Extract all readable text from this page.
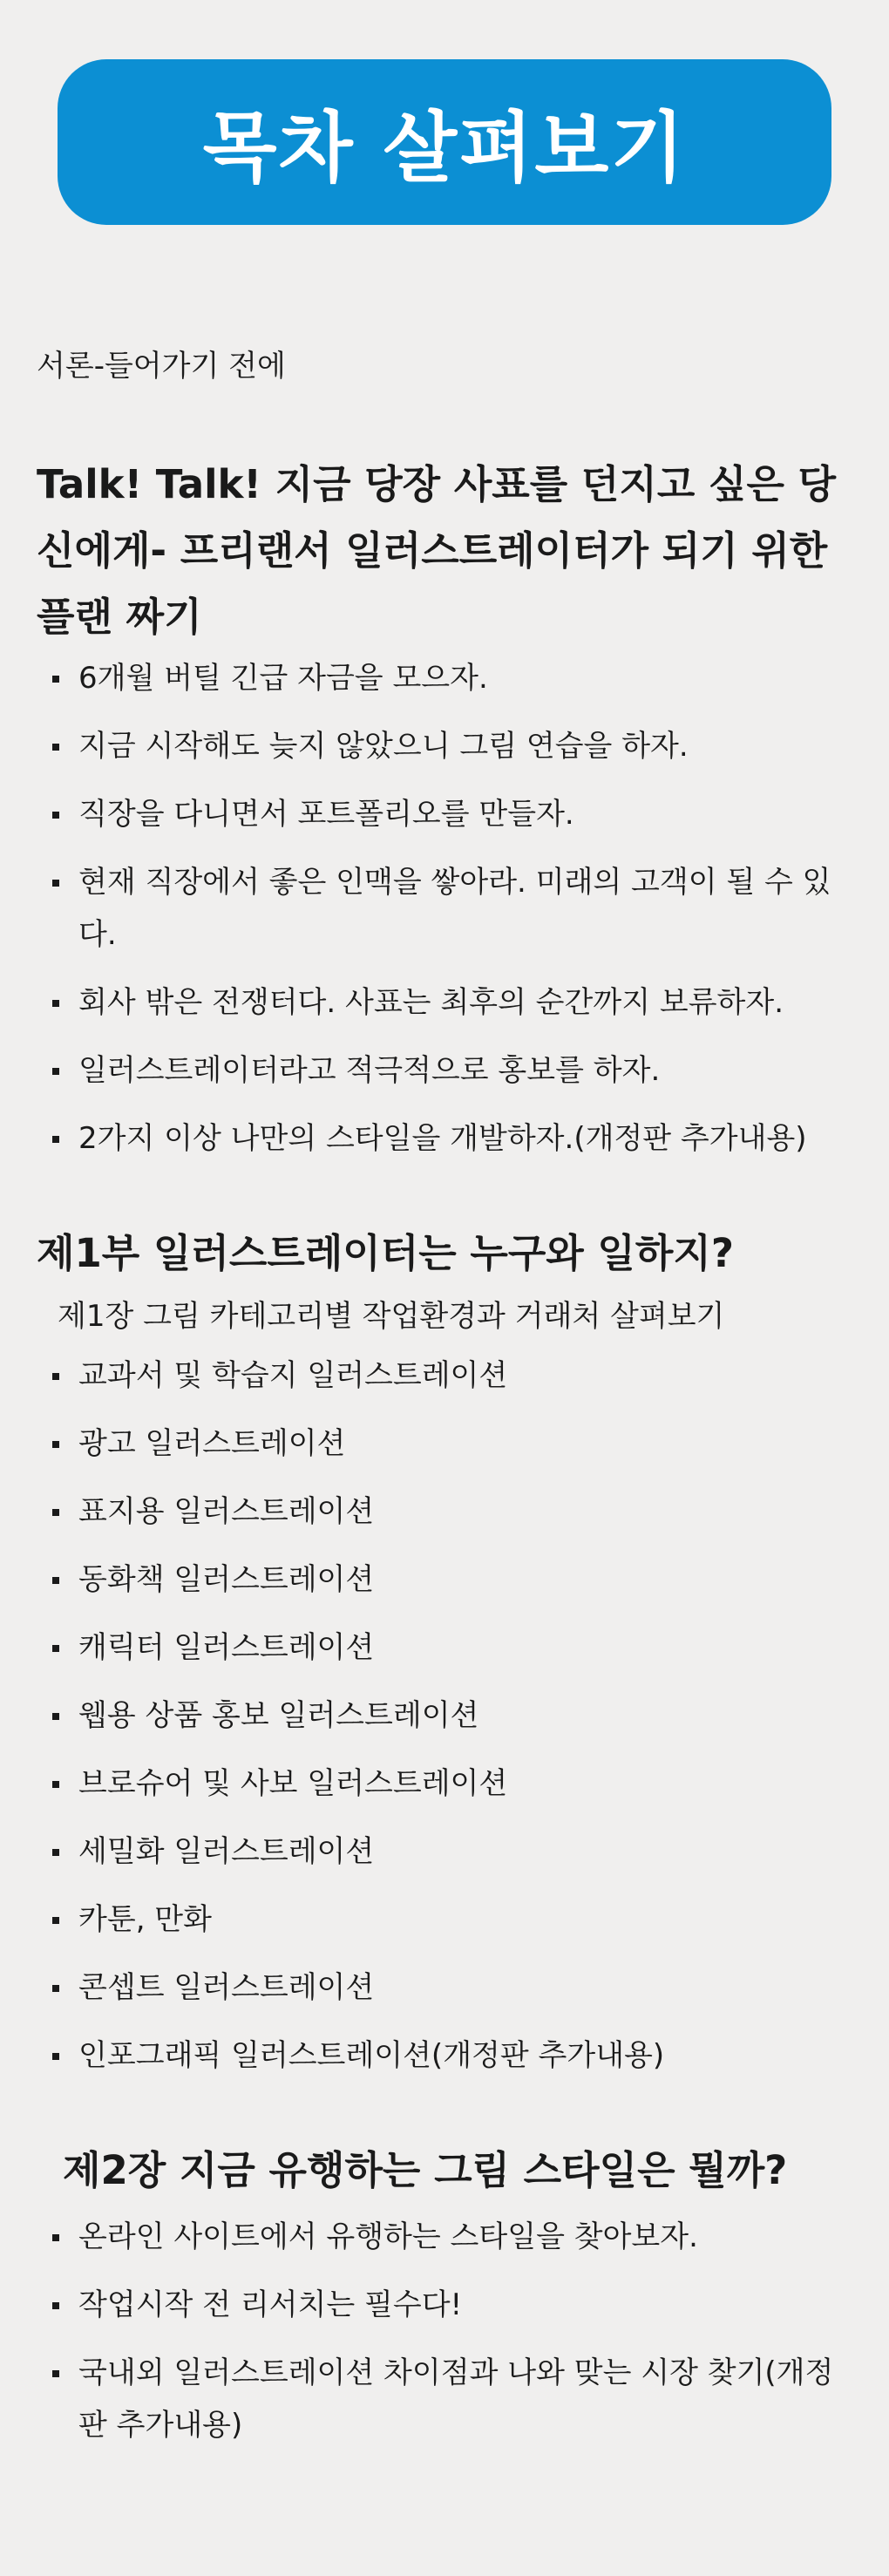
목차 살펴보기

서론-들어가기 전에

Talk! Talk! 지금 당장 사표를 던지고 싶은 당신에게- 프리랜서 일러스트레이터가 되기 위한 플랜 짜기
6개월 버틸 긴급 자금을 모으자.
지금 시작해도 늦지 않았으니 그림 연습을 하자.
직장을 다니면서 포트폴리오를 만들자.
현재 직장에서 좋은 인맥을 쌓아라. 미래의 고객이 될 수 있다.
회사 밖은 전쟁터다. 사표는 최후의 순간까지 보류하자.
일러스트레이터라고 적극적으로 홍보를 하자.
2가지 이상 나만의 스타일을 개발하자.(개정판 추가내용)
제1부 일러스트레이터는 누구와 일하지?

제1장 그림 카테고리별 작업환경과 거래처 살펴보기

교과서 및 학습지 일러스트레이션
광고 일러스트레이션
표지용 일러스트레이션
동화책 일러스트레이션
캐릭터 일러스트레이션
웹용 상품 홍보 일러스트레이션
브로슈어 및 사보 일러스트레이션
세밀화 일러스트레이션
카툰, 만화
콘셉트 일러스트레이션
인포그래픽 일러스트레이션(개정판 추가내용)
제2장 지금 유행하는 그림 스타일은 뭘까?
온라인 사이트에서 유행하는 스타일을 찾아보자.
작업시작 전 리서치는 필수다!
국내외 일러스트레이션 차이점과 나와 맞는 시장 찾기(개정판 추가내용)
